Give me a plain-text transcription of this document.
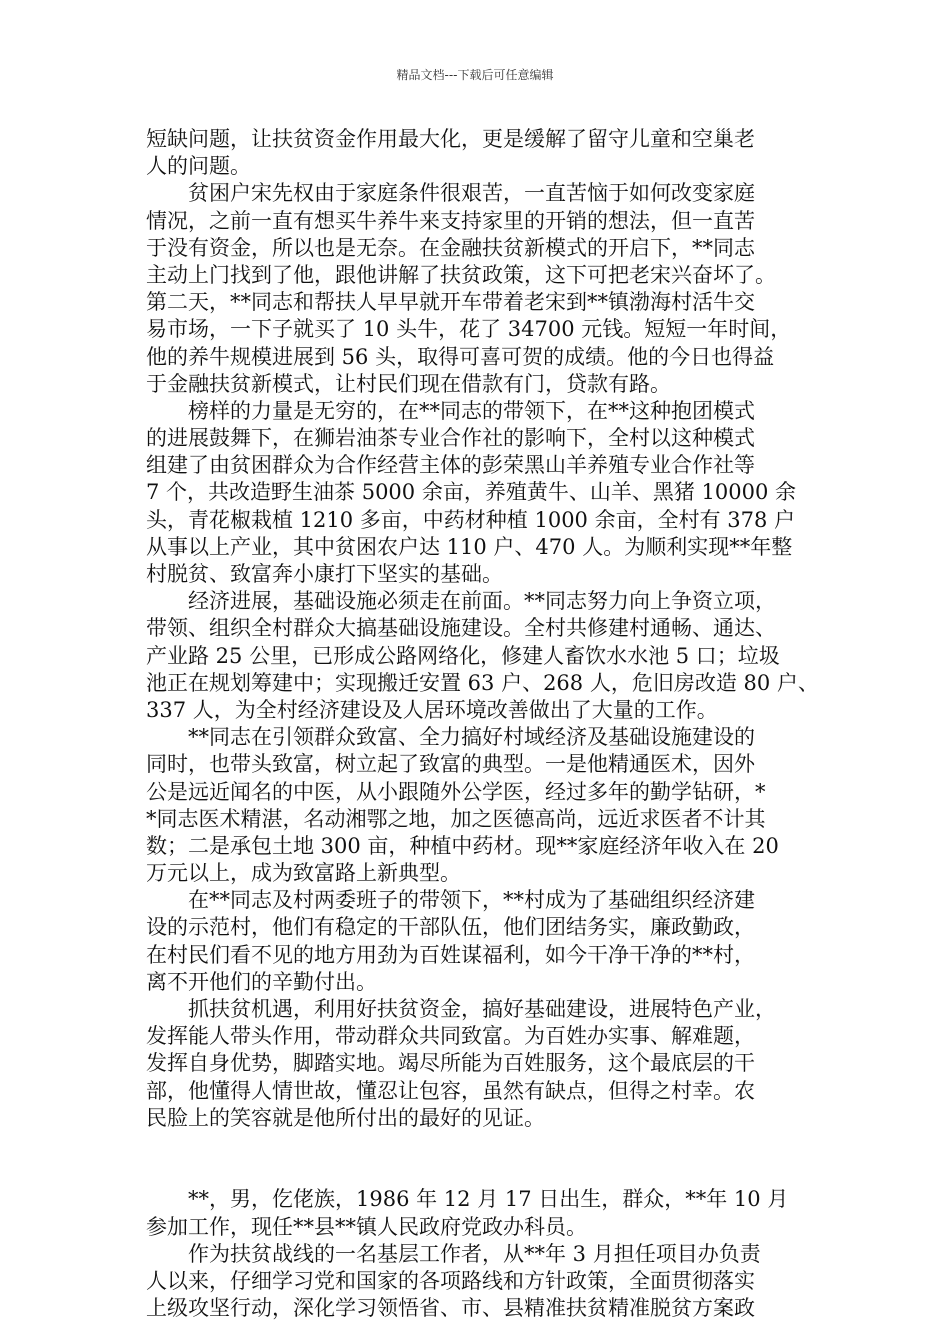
精品文档---下载后可任意编辑
短缺问题，让扶贫资金作用最大化，更是缓解了留守儿童和空巢老
人的问题。
贫困户宋先权由于家庭条件很艰苦，一直苦恼于如何改变家庭
情况，之前一直有想买牛养牛来支持家里的开销的想法，但一直苦
于没有资金，所以也是无奈。在金融扶贫新模式的开启下，**同志
主动上门找到了他，跟他讲解了扶贫政策，这下可把老宋兴奋坏了。
第二天，**同志和帮扶人早早就开车带着老宋到**镇渤海村活牛交
易市场，一下子就买了 10 头牛，花了 34700 元钱。短短一年时间，
他的养牛规模进展到 56 头，取得可喜可贺的成绩。他的今日也得益
于金融扶贫新模式，让村民们现在借款有门，贷款有路。
榜样的力量是无穷的，在**同志的带领下，在**这种抱团模式
的进展鼓舞下，在狮岩油茶专业合作社的影响下，全村以这种模式
组建了由贫困群众为合作经营主体的彭荣黑山羊养殖专业合作社等
7 个，共改造野生油茶 5000 余亩，养殖黄牛、山羊、黑猪 10000 余
头，青花椒栽植 1210 多亩，中药材种植 1000 余亩，全村有 378 户
从事以上产业，其中贫困农户达 110 户、470 人。为顺利实现**年整
村脱贫、致富奔小康打下坚实的基础。
经济进展，基础设施必须走在前面。**同志努力向上争资立项，
带领、组织全村群众大搞基础设施建设。全村共修建村通畅、通达、
产业路 25 公里，已形成公路网络化，修建人畜饮水水池 5 口；垃圾
池正在规划筹建中；实现搬迁安置 63 户、268 人，危旧房改造 80 户、
337 人，为全村经济建设及人居环境改善做出了大量的工作。
**同志在引领群众致富、全力搞好村域经济及基础设施建设的
同时，也带头致富，树立起了致富的典型。一是他精通医术，因外
公是远近闻名的中医，从小跟随外公学医，经过多年的勤学钻研，*
*同志医术精湛，名动湘鄂之地，加之医德高尚，远近求医者不计其
数；二是承包土地 300 亩，种植中药材。现**家庭经济年收入在 20
万元以上，成为致富路上新典型。
在**同志及村两委班子的带领下，**村成为了基础组织经济建
设的示范村，他们有稳定的干部队伍，他们团结务实，廉政勤政，
在村民们看不见的地方用劲为百姓谋福利，如今干净干净的**村，
离不开他们的辛勤付出。
抓扶贫机遇，利用好扶贫资金，搞好基础建设，进展特色产业，
发挥能人带头作用，带动群众共同致富。为百姓办实事、解难题，
发挥自身优势，脚踏实地。竭尽所能为百姓服务，这个最底层的干
部，他懂得人情世故，懂忍让包容，虽然有缺点，但得之村幸。农
民脸上的笑容就是他所付出的最好的见证。
**，男，仡佬族，1986 年 12 月 17 日出生，群众，**年 10 月
参加工作，现任**县**镇人民政府党政办科员。
作为扶贫战线的一名基层工作者，从**年 3 月担任项目办负责
人以来，仔细学习党和国家的各项路线和方针政策，全面贯彻落实
上级攻坚行动，深化学习领悟省、市、县精准扶贫精准脱贫方案政
